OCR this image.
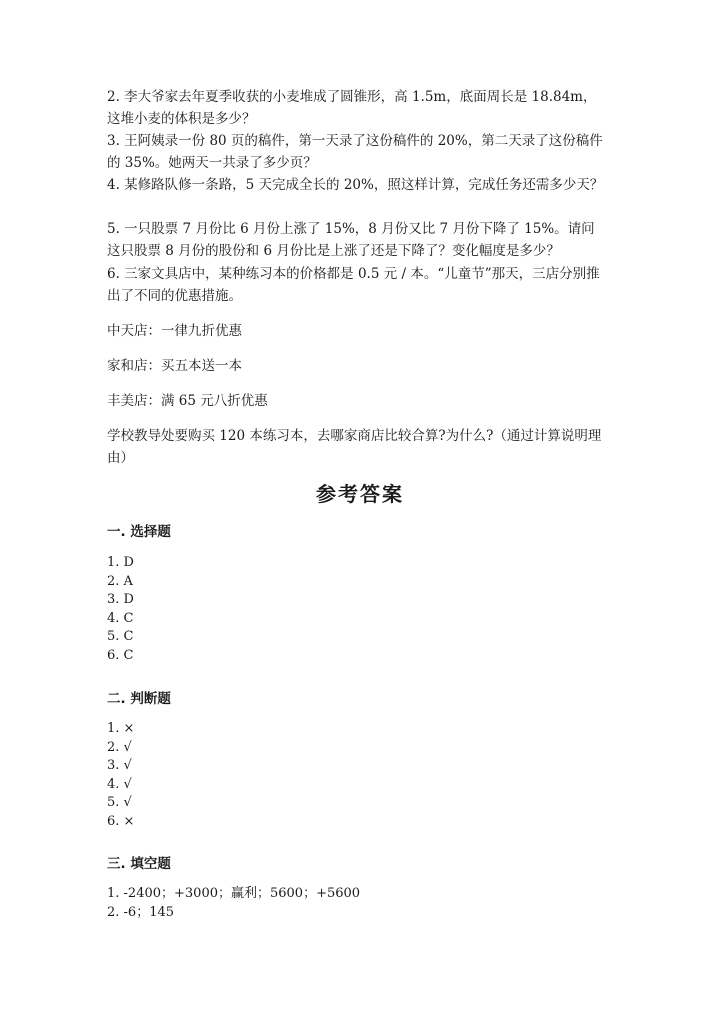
2. 李大爷家去年夏季收获的小麦堆成了圆锥形，高 1.5m，底面周长是 18.84m，这堆小麦的体积是多少？
3. 王阿姨录一份 80 页的稿件，第一天录了这份稿件的 20%，第二天录了这份稿件的 35%。她两天一共录了多少页？
4. 某修路队修一条路，5 天完成全长的 20%，照这样计算，完成任务还需多少天？
5. 一只股票 7 月份比 6 月份上涨了 15%，8 月份又比 7 月份下降了 15%。请问这只股票 8 月份的股份和 6 月份比是上涨了还是下降了？变化幅度是多少？
6. 三家文具店中，某种练习本的价格都是 0.5 元 / 本。“儿童节”那天，三店分别推出了不同的优惠措施。
中天店：一律九折优惠
家和店：买五本送一本
丰美店：满 65 元八折优惠
学校教导处要购买 120 本练习本，去哪家商店比较合算?为什么?（通过计算说明理由）
参考答案
一. 选择题
1. D
2. A
3. D
4. C
5. C
6. C
二. 判断题
1. ×
2. √
3. √
4. √
5. √
6. ×
三. 填空题
1. -2400；+3000；赢利；5600；+5600
2. -6；145
